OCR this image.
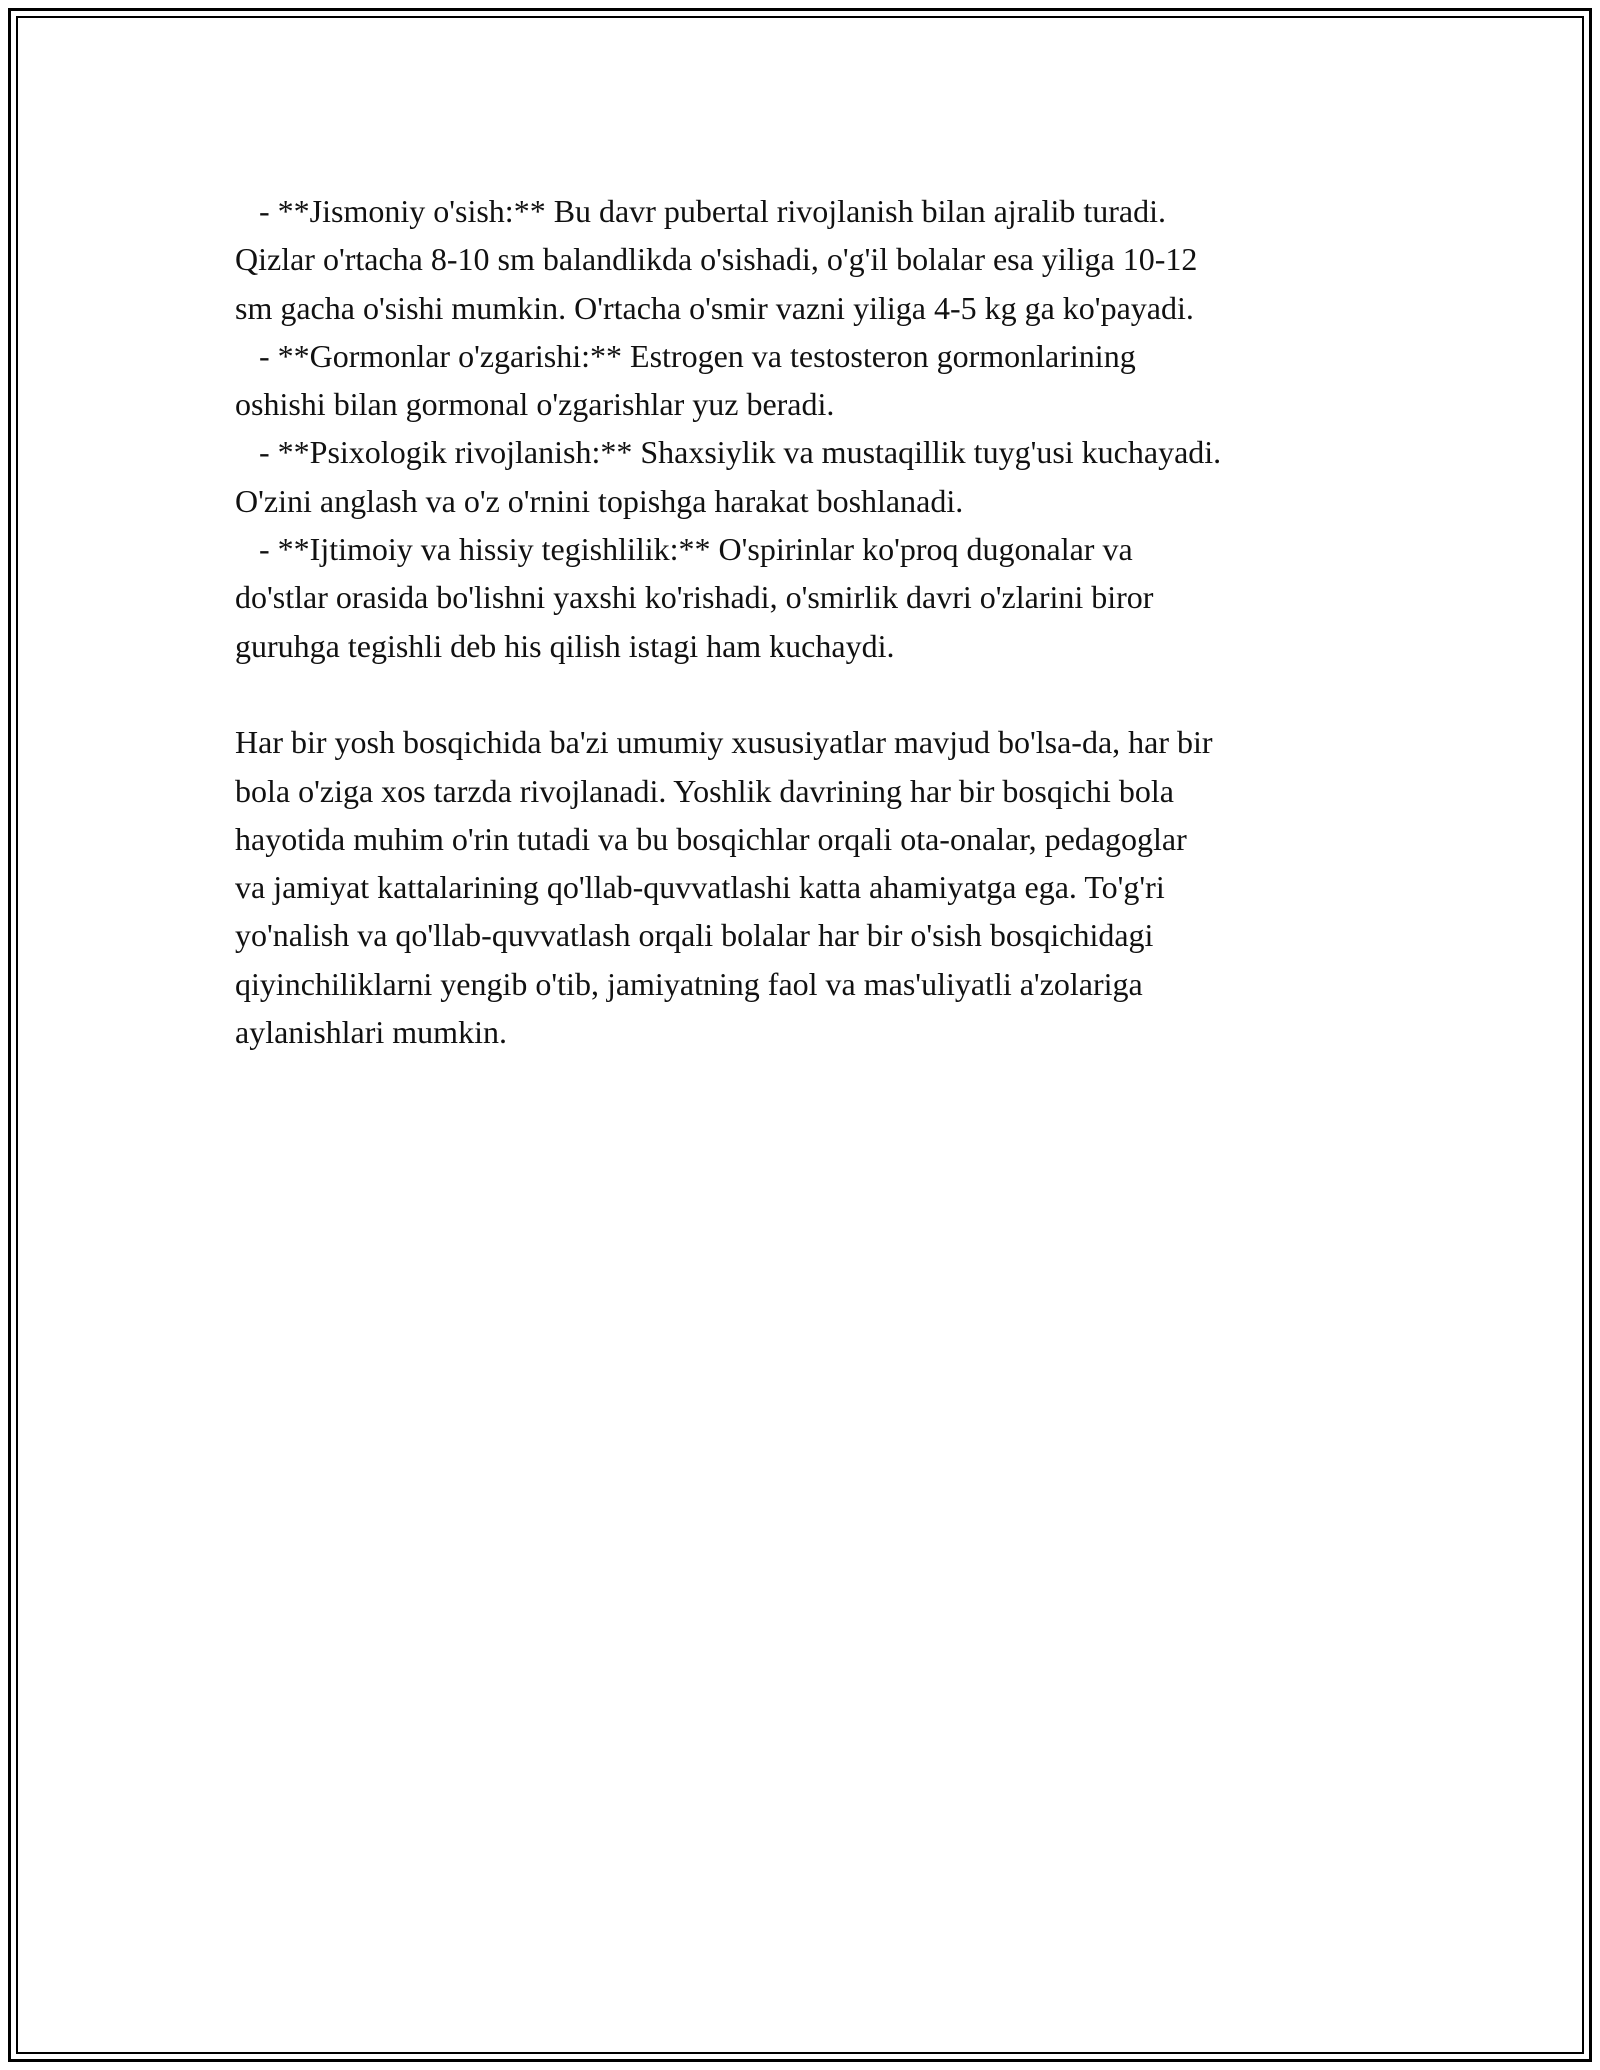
- **Jismoniy o'sish:** Bu davr pubertal rivojlanish bilan ajralib turadi.
Qizlar o'rtacha 8-10 sm balandlikda o'sishadi, o'g'il bolalar esa yiliga 10-12
sm gacha o'sishi mumkin. O'rtacha o'smir vazni yiliga 4-5 kg ga ko'payadi.
- **Gormonlar o'zgarishi:** Estrogen va testosteron gormonlarining
oshishi bilan gormonal o'zgarishlar yuz beradi.
- **Psixologik rivojlanish:** Shaxsiylik va mustaqillik tuyg'usi kuchayadi.
O'zini anglash va o'z o'rnini topishga harakat boshlanadi.
- **Ijtimoiy va hissiy tegishlilik:** O'spirinlar ko'proq dugonalar va
do'stlar orasida bo'lishni yaxshi ko'rishadi, o'smirlik davri o'zlarini biror
guruhga tegishli deb his qilish istagi ham kuchaydi.
Har bir yosh bosqichida ba'zi umumiy xususiyatlar mavjud bo'lsa-da, har bir
bola o'ziga xos tarzda rivojlanadi. Yoshlik davrining har bir bosqichi bola
hayotida muhim o'rin tutadi va bu bosqichlar orqali ota-onalar, pedagoglar
va jamiyat kattalarining qo'llab-quvvatlashi katta ahamiyatga ega. To'g'ri
yo'nalish va qo'llab-quvvatlash orqali bolalar har bir o'sish bosqichidagi
qiyinchiliklarni yengib o'tib, jamiyatning faol va mas'uliyatli a'zolariga
aylanishlari mumkin.
